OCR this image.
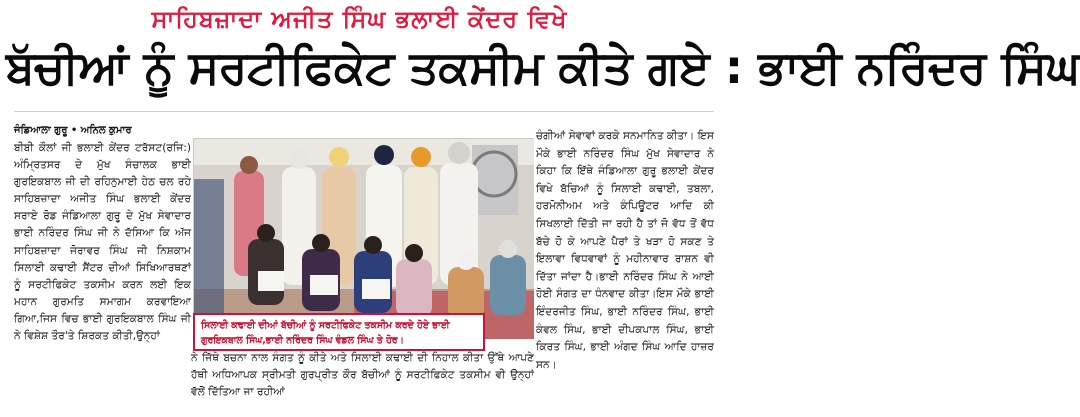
ਸਾਹਿਬਜ਼ਾਦਾ ਅਜੀਤ ਸਿੰਘ ਭਲਾਈ ਕੇਂਦਰ ਵਿਖੇ
ਬੱਚੀਆਂ ਨੂੰ ਸਰਟੀਫਿਕੇਟ ਤਕਸੀਮ ਕੀਤੇ ਗਏ : ਭਾਈ ਨਰਿੰਦਰ ਸਿੰਘ
ਜੰਡਿਆਲਾ ਗੁਰੂ • ਅਨਿਲ ਕੁਮਾਰ
ਬੀਬੀ ਕੌਲਾਂ ਜੀ ਭਲਾਈ ਕੇਂਦਰ ਟਰੱਸਟ(ਰਜਿ:) ਅੰਮ੍ਰਿਤਸਰ ਦੇ ਮੁੱਖ ਸੰਚਾਲਕ ਭਾਈ ਗੁਰਇਕਬਾਲ ਜੀ ਦੀ ਰਹਿਨੁਮਾਈ ਹੇਠ ਚਲ ਰਹੇ ਸਾਹਿਬਜ਼ਾਦਾ ਅਜੀਤ ਸਿੰਘ ਭਲਾਈ ਕੇਂਦਰ ਸਰਾਏ ਰੋਡ ਜੰਡਿਆਲਾ ਗੁਰੂ ਦੇ ਮੁੱਖ ਸੇਵਾਦਾਰ ਭਾਈ ਨਰਿੰਦਰ ਸਿੰਘ ਜੀ ਨੇ ਦੱਸਿਆ ਕਿ ਅੱਜ ਸਾਹਿਬਜ਼ਾਦਾ ਜੋਰਾਵਰ ਸਿੰਘ ਜੀ ਨਿਸ਼ਕਾਮ ਸਿਲਾਈ ਕਢਾਈ ਸੈਂਟਰ ਦੀਆਂ ਸਿਖਿਆਰਥਣਾਂ ਨੂੰ ਸਰਟੀਫਿਕੇਟ ਤਕਸੀਮ ਕਰਨ ਲਈ ਇਕ ਮਹਾਨ ਗੁਰਮਤਿ ਸਮਾਗਮ ਕਰਵਾਇਆ ਗਿਆ,ਜਿਸ ਵਿਚ ਭਾਈ ਗੁਰਇਕਬਾਲ ਸਿੰਘ ਜੀ ਨੇ ਵਿਸ਼ੇਸ਼ ਤੌਰ'ਤੇ ਸ਼ਿਰਕਤ ਕੀਤੀ,ਉਨ੍ਹਾਂ
ਸਿਲਾਈ ਕਢਾਈ ਦੀਆਂ ਬੱਚੀਆਂ ਨੂੰ ਸਰਟੀਫਿਕੇਟ ਤਕਸੀਮ ਕਰਦੇ ਹੋਏ ਭਾਈ ਗੁਰਇਕਬਾਲ ਸਿੰਘ,ਭਾਈ ਨਰਿੰਦਰ ਸਿੰਘ ਵੰਡਲ ਸਿੰਘ ਤੇ ਹੋਰ।
ਨੇ ਜਿੱਥੇ ਬਚਨਾ ਨਾਲ ਸੰਗਤ ਨੂੰ ਕੀਤੇ ਅਤੇ ਸਿਲਾਈ ਕਢਾਈ ਦੀ ਨਿਹਾਲ ਕੀਤਾ ਉੱਥੇ ਆਪਣੇ ਹੱਥੀ ਅਧਿਆਪਕ ਸ੍ਰੀਮਤੀ ਗੁਰਪ੍ਰੀਤ ਕੌਰ ਬੱਚੀਆਂ ਨੂੰ ਸਰਟੀਫਿਕੇਟ ਤਕਸੀਮ ਵੀ ਉਨ੍ਹਾਂ ਵੱਲੋਂ ਦਿੱਤਿਆ ਜਾ ਰਹੀਆਂ
ਚੰਗੀਆਂ ਸੇਵਾਵਾਂ ਕਰਕੇ ਸਨਮਾਨਿਤ ਕੀਤਾ। ਇਸ ਮੌਕੇ ਭਾਈ ਨਰਿੰਦਰ ਸਿੰਘ ਮੁੱਖ ਸੇਵਾਦਾਰ ਨੇ ਕਿਹਾ ਕਿ ਇੱਥੇ ਜੰਡਿਆਲਾ ਗੁਰੂ ਭਲਾਈ ਕੇਂਦਰ ਵਿਖੇ ਬੱਚਿਆਂ ਨੂੰ ਸਿਲਾਈ ਕਢਾਈ, ਤਬਲਾ, ਹਰਮੋਨੀਅਮ ਅਤੇ ਕੰਪਿਊਟਰ ਆਦਿ ਕੀ ਸਿਖਲਾਈ ਦਿੱਤੀ ਜਾ ਰਹੀ ਹੈ ਤਾਂ ਜੋ ਵੱਧ ਤੋਂ ਵੱਧ ਬੱਚੇ ਹੋ ਕੇ ਆਪਣੇ ਪੈਰਾਂ ਤੇ ਖੜਾ ਹੋ ਸਕਣ ਤੇ ਇਲਾਵਾ ਵਿਧਵਾਵਾਂ ਨੂੰ ਮਹੀਨਾਵਾਰ ਰਾਸ਼ਨ ਵੀ ਦਿੱਤਾ ਜਾਂਦਾ ਹੈ।ਭਾਈ ਨਰਿੰਦਰ ਸਿੰਘ ਨੇ ਆਈ ਹੋਈ ਸੰਗਤ ਦਾ ਧੰਨਵਾਦ ਕੀਤਾ।ਇਸ ਮੌਕੇ ਭਾਈ ਇੰਦਰਜੀਤ ਸਿੰਘ, ਭਾਈ ਨਰਿੰਦਰ ਸਿੰਘ, ਭਾਈ ਕੰਵਲ ਸਿੰਘ, ਭਾਈ ਦੀਪਕਪਾਲ ਸਿੰਘ, ਭਾਈ ਕਿਰਤ ਸਿੰਘ, ਭਾਈ ਅੰਗਦ ਸਿੰਘ ਆਦਿ ਹਾਜ਼ਰ ਸਨ।
